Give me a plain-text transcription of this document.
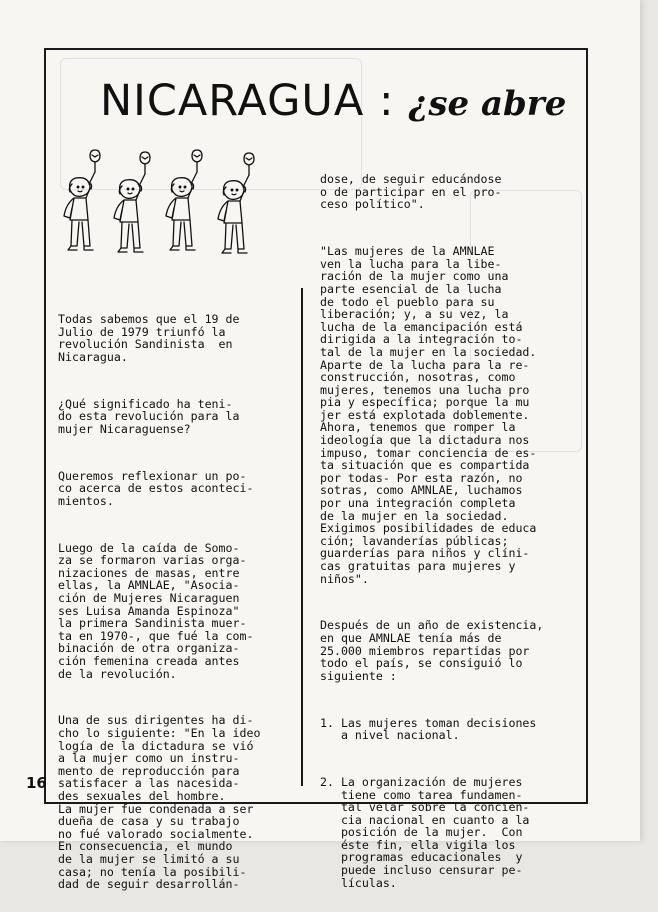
NICARAGUA : ¿se abre

Todas sabemos que el 19 de
Julio de 1979 triunfó la
revolución Sandinista  en
Nicaragua.

¿Qué significado ha teni-
do esta revolución para la
mujer Nicaraguense?

Queremos reflexionar un po-
co acerca de estos aconteci-
mientos.

Luego de la caída de Somo-
za se formaron varias orga-
nizaciones de masas, entre
ellas, la AMNLAE, "Asocia-
ción de Mujeres Nicaraguen
ses Luisa Amanda Espinoza"
la primera Sandinista muer-
ta en 1970-, que fué la com-
binación de otra organiza-
ción femenina creada antes
de la revolución.

Una de sus dirigentes ha di-
cho lo siguiente: "En la ideo
logía de la dictadura se vió
a la mujer como un instru-
mento de reproducción para
satisfacer a las nacesida-
des sexuales del hombre.
La mujer fue condenada a ser
dueña de casa y su trabajo
no fué valorado socialmente.
En consecuencia, el mundo
de la mujer se limitó a su
casa; no tenía la posibili-
dad de seguir desarrollán-

dose, de seguir educándose
o de participar en el pro-
ceso político".

"Las mujeres de la AMNLAE
ven la lucha para la libe-
ración de la mujer como una
parte esencial de la lucha
de todo el pueblo para su
liberación; y, a su vez, la
lucha de la emancipación está
dirigida a la integración to-
tal de la mujer en la sociedad.
Aparte de la lucha para la re-
construcción, nosotras, como
mujeres, tenemos una lucha pro
pia y específica; porque la mu
jer está explotada doblemente.
Ahora, tenemos que romper la
ideología que la dictadura nos
impuso, tomar conciencia de es-
ta situación que es compartida
por todas- Por esta razón, no
sotras, como AMNLAE, luchamos
por una integración completa
de la mujer en la sociedad.
Exigimos posibilidades de educa
ción; lavanderías públicas;
guarderías para niños y clíni-
cas gratuitas para mujeres y
niños".

Después de un año de existencia,
en que AMNLAE tenía más de
25.000 miembros repartidas por
todo el país, se consiguió lo
siguiente :

1. Las mujeres toman decisiones
a nivel nacional.

2. La organización de mujeres
tiene como tarea fundamen-
tal velar sobre la concien-
cia nacional en cuanto a la
posición de la mujer.  Con
éste fin, ella vigila los
programas educacionales  y
puede incluso censurar pe-
lículas.

16
